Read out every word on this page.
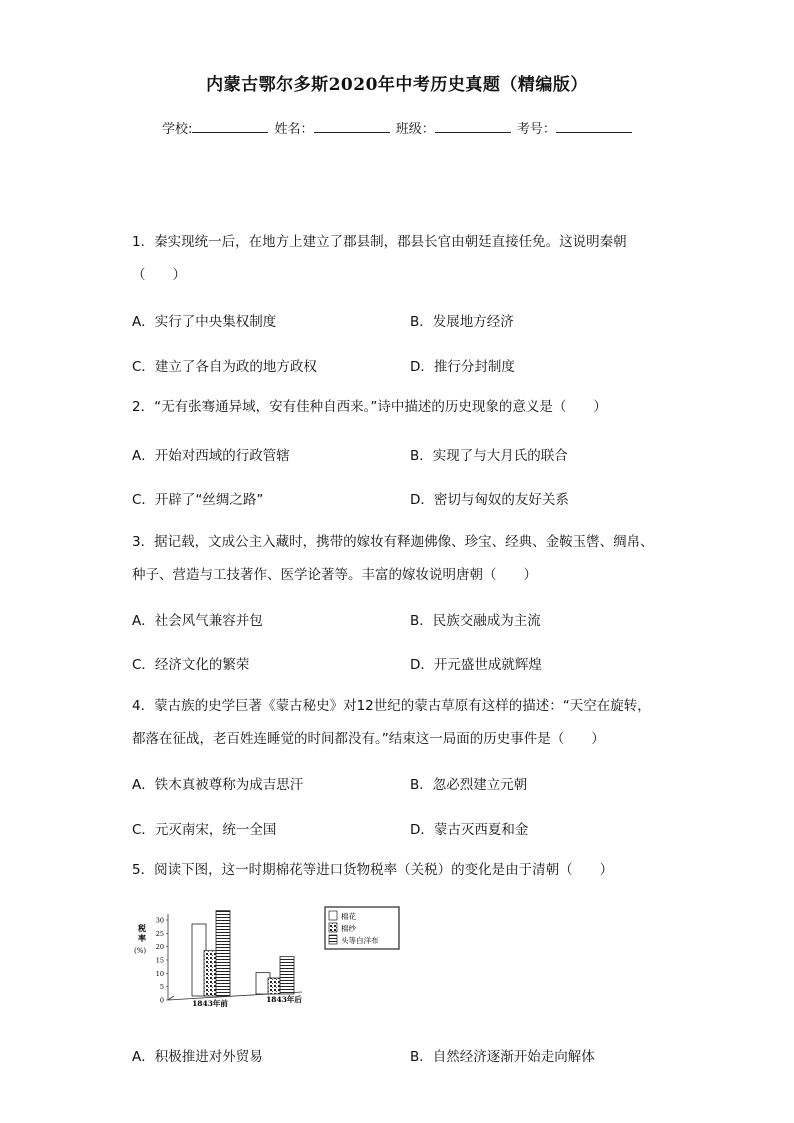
内蒙古鄂尔多斯2020年中考历史真题（精编版）
学校:	姓名：	班级：	考号：
1．秦实现统一后，在地方上建立了郡县制，郡县长官由朝廷直接任免。这说明秦朝
（　　）
A．实行了中央集权制度	B．发展地方经济
C．建立了各自为政的地方政权	D．推行分封制度
2．“无有张骞通异域，安有佳种自西来。”诗中描述的历史现象的意义是（　　）
A．开始对西域的行政管辖	B．实现了与大月氏的联合
C．开辟了“丝绸之路”	D．密切与匈奴的友好关系
3．据记载，文成公主入藏时，携带的嫁妆有释迦佛像、珍宝、经典、金鞍玉辔、绸帛、
种子、营造与工技著作、医学论著等。丰富的嫁妆说明唐朝（　　）
A．社会风气兼容并包	B．民族交融成为主流
C．经济文化的繁荣	D．开元盛世成就辉煌
4．蒙古族的史学巨著《蒙古秘史》对12世纪的蒙古草原有这样的描述：“天空在旋转，
都落在征战，老百姓连睡觉的时间都没有。”结束这一局面的历史事件是（　　）
A．铁木真被尊称为成吉思汗	B．忽必烈建立元朝
C．元灭南宋，统一全国	D．蒙古灭西夏和金
5．阅读下图，这一时期棉花等进口货物税率（关税）的变化是由于清朝（　　）
税
率
(%)
0
5
10
15
20
25
30
1843年前	1843年后
棉花
棉纱
头等白洋布
A．积极推进对外贸易	B．自然经济逐渐开始走向解体
